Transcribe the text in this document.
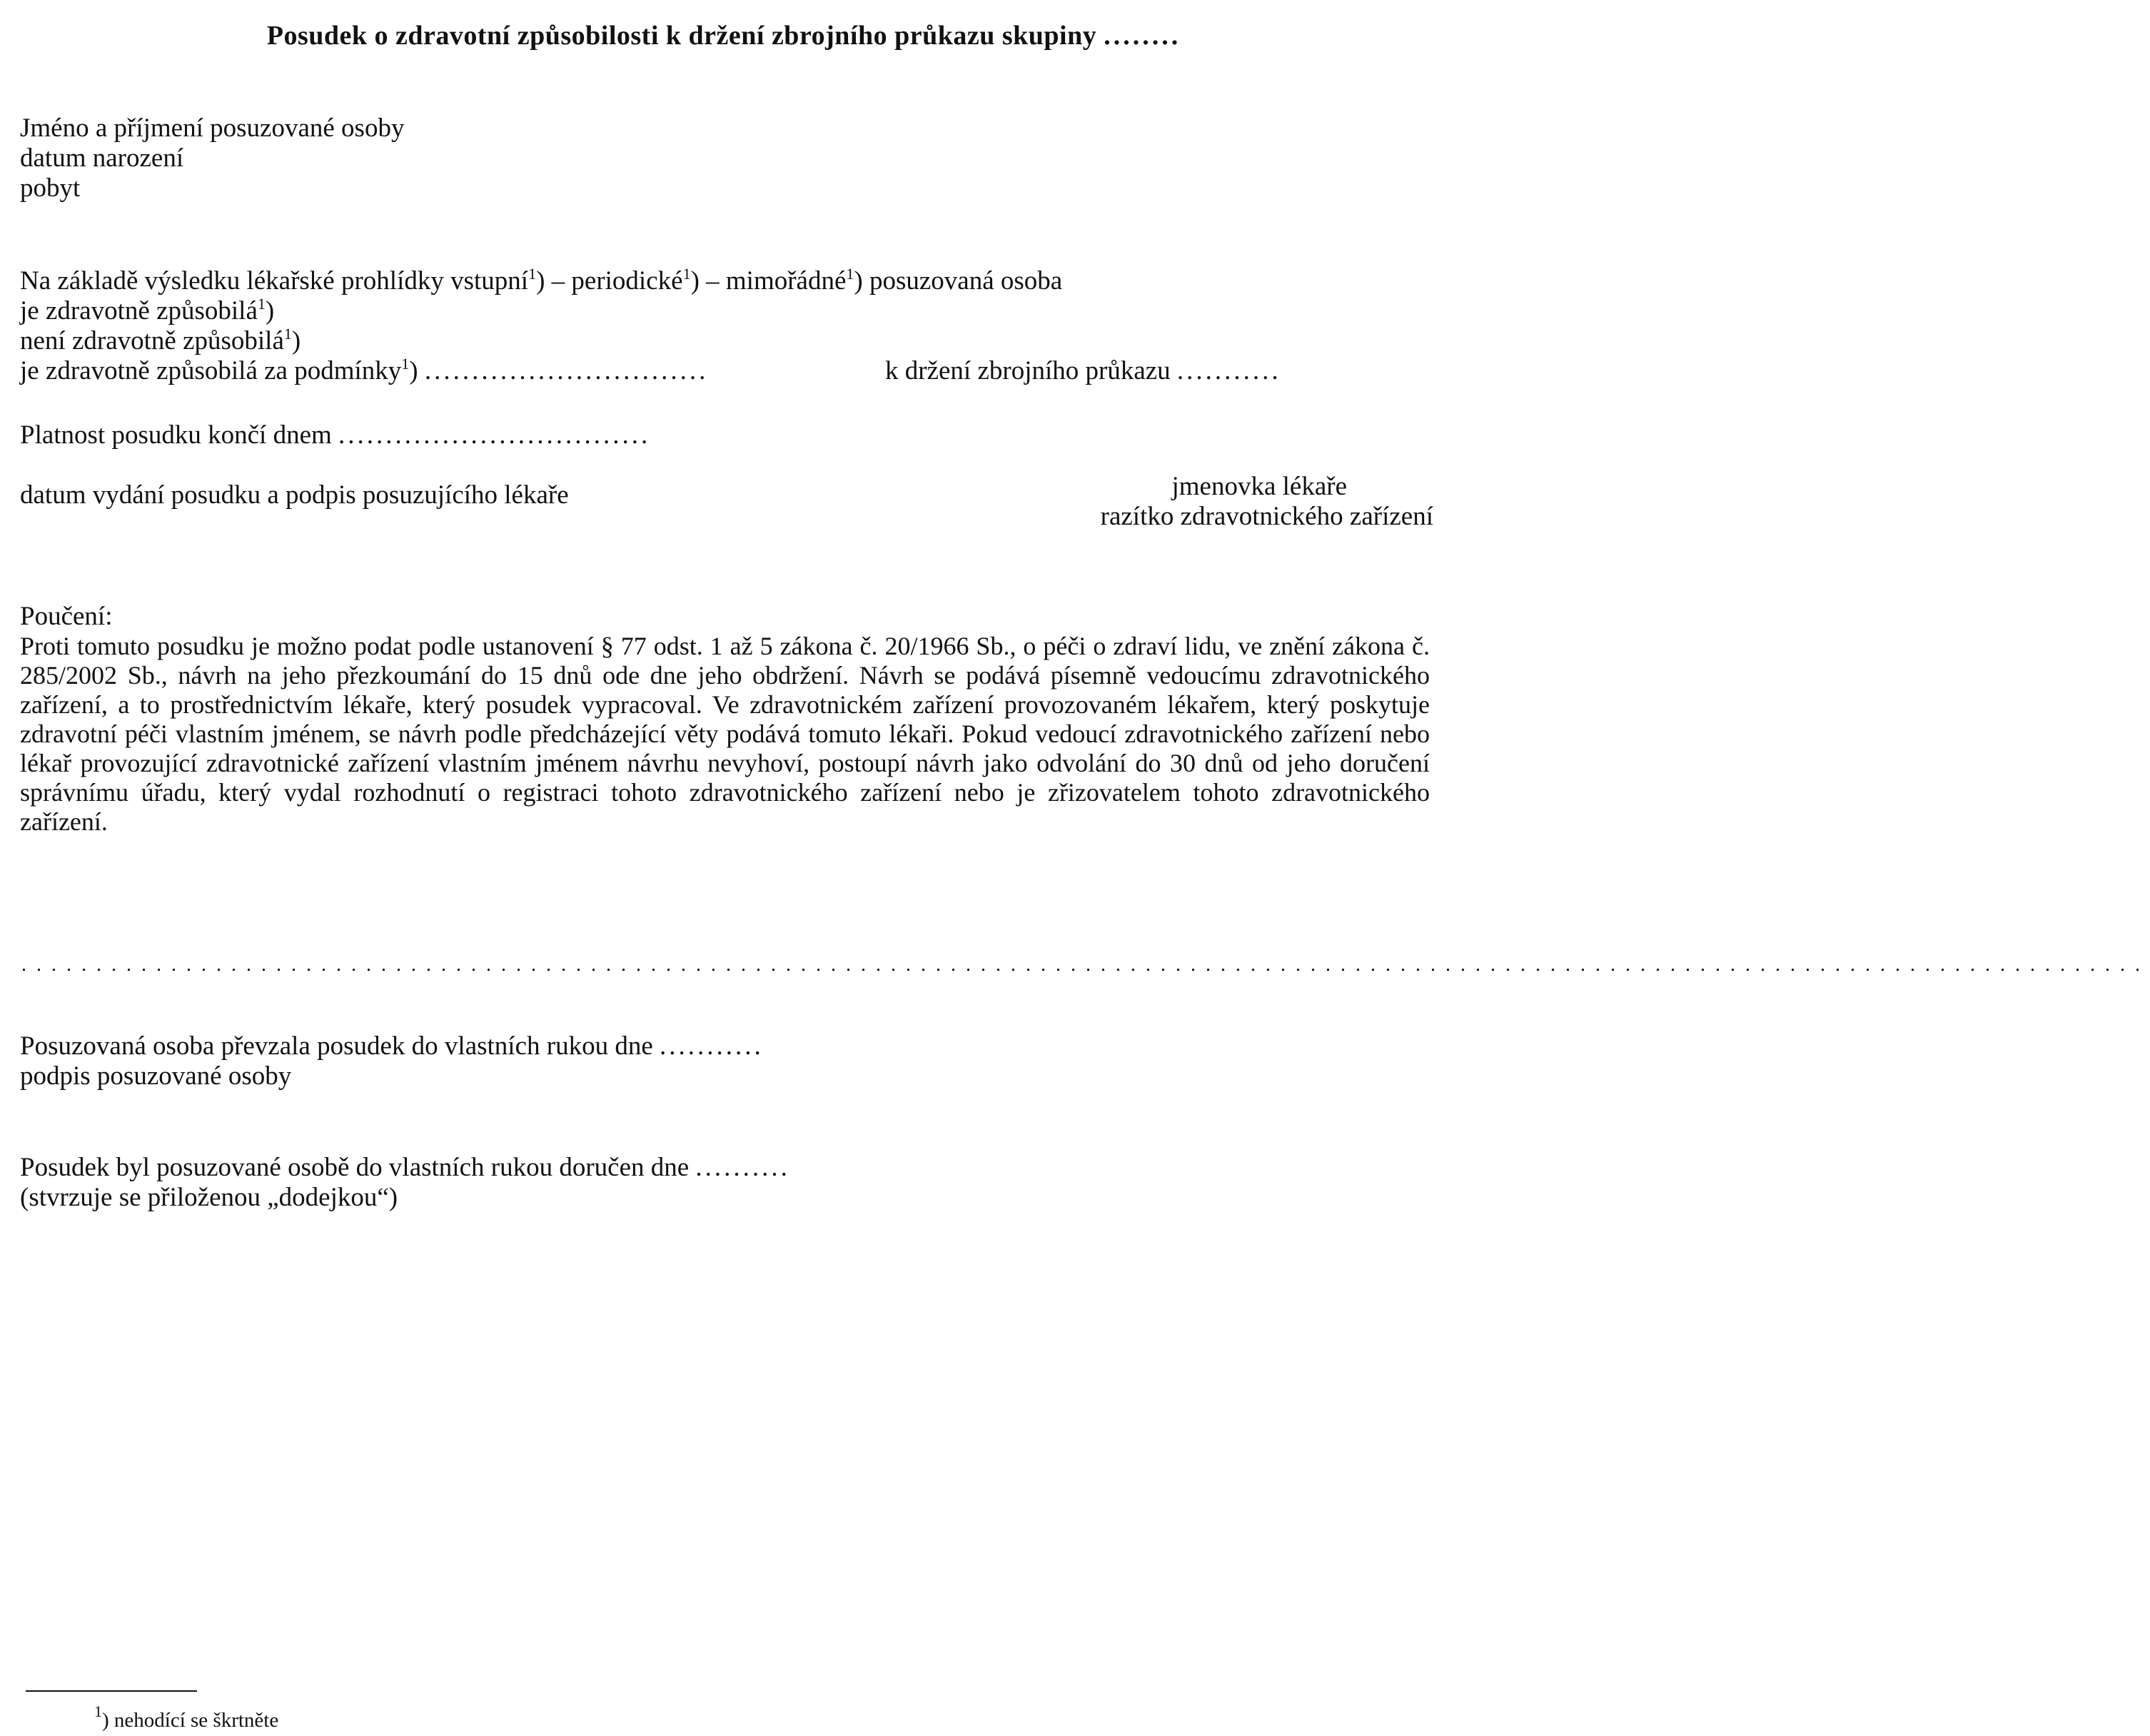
Posudek o zdravotní způsobilosti k držení zbrojního průkazu skupiny ........
Jméno a příjmení posuzované osoby
datum narození
pobyt
Na základě výsledku lékařské prohlídky vstupní$^1$) – periodické$^1$) – mimořádné$^1$) posuzovaná osoba
je zdravotně způsobilá$^1$)
není zdravotně způsobilá$^1$)
je zdravotně způsobilá za podmínky$^1$) ..............................	k držení zbrojního průkazu ...........
Platnost posudku končí dnem .................................
datum vydání posudku a podpis posuzujícího lékaře	jmenovka lékaře
razítko zdravotnického zařízení
Poučení:
Proti tomuto posudku je možno podat podle ustanovení § 77 odst. 1 až 5 zákona č. 20/1966 Sb., o péči o zdraví lidu, ve znění zákona č. 285/2002 Sb., návrh na jeho přezkoumání do 15 dnů ode dne jeho obdržení. Návrh se podává písemně vedoucímu zdravotnického zařízení, a to prostřednictvím lékaře, který posudek vypracoval. Ve zdravotnickém zařízení provozovaném lékařem, který poskytuje zdravotní péči vlastním jménem, se návrh podle předcházející věty podává tomuto lékaři. Pokud vedoucí zdravotnického zařízení nebo lékař provozující zdravotnické zařízení vlastním jménem návrhu nevyhoví, postoupí návrh jako odvolání do 30 dnů od jeho doručení správnímu úřadu, který vydal rozhodnutí o registraci tohoto zdravotnického zařízení nebo je zřizovatelem tohoto zdravotnického zařízení.
..............................................................................................................................................
Posuzovaná osoba převzala posudek do vlastních rukou dne ...........
podpis posuzované osoby
Posudek byl posuzované osobě do vlastních rukou doručen dne ..........
(stvrzuje se přiloženou „dodejkou“)
$^1$) nehodící se škrtněte
